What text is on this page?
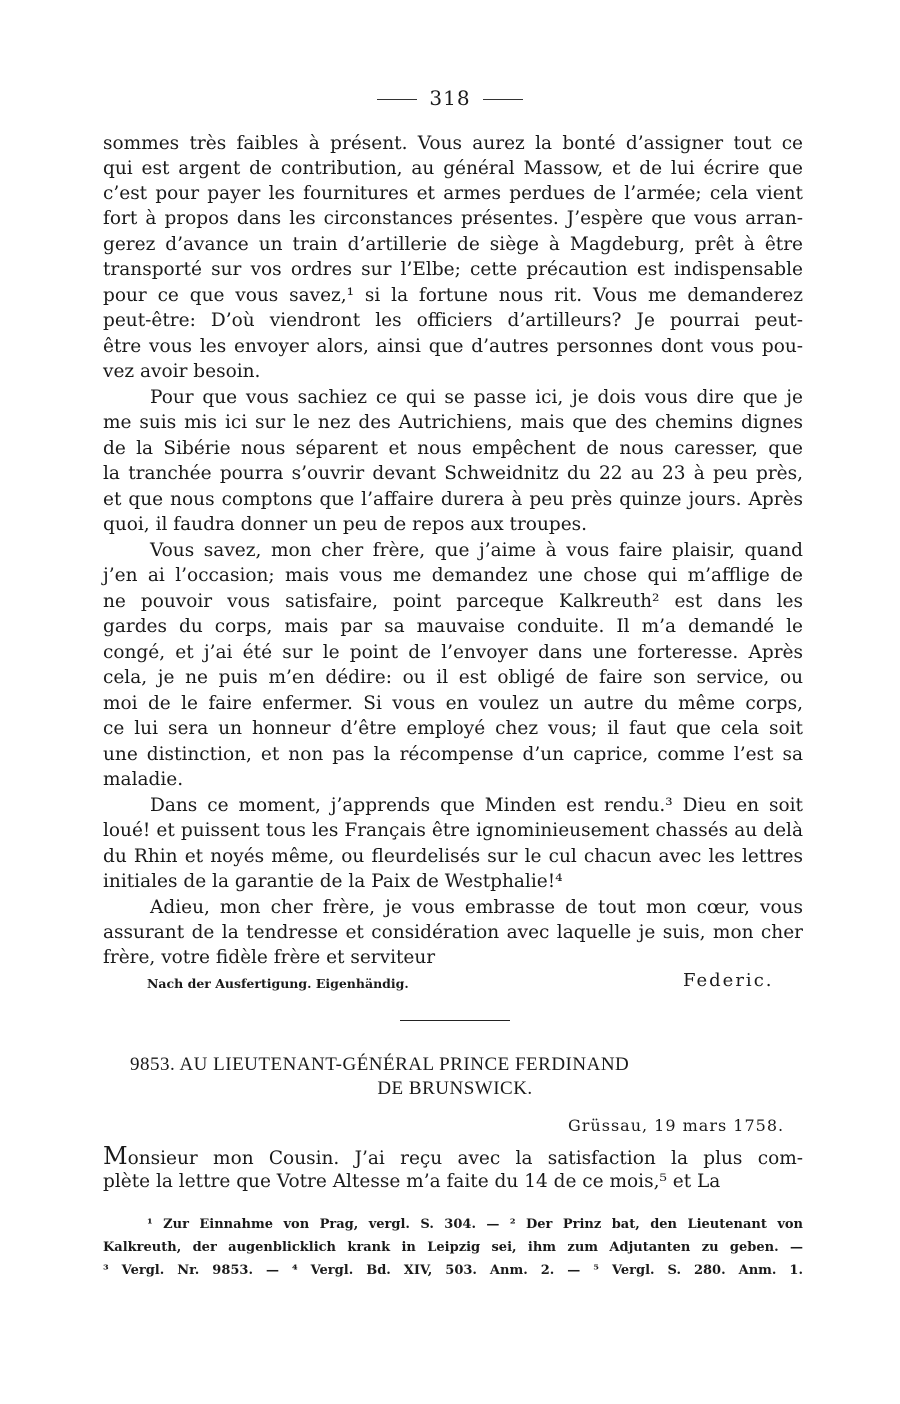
318
sommes très faibles à présent. Vous aurez la bonté d’assigner tout ce
qui est argent de contribution, au général Massow, et de lui écrire que
c’est pour payer les fournitures et armes perdues de l’armée; cela vient
fort à propos dans les circonstances présentes. J’espère que vous arran-
gerez d’avance un train d’artillerie de siège à Magdeburg, prêt à être
transporté sur vos ordres sur l’Elbe; cette précaution est indispensable
pour ce que vous savez,¹ si la fortune nous rit. Vous me demanderez
peut-être: D’où viendront les officiers d’artilleurs? Je pourrai peut-
être vous les envoyer alors, ainsi que d’autres personnes dont vous pou-
vez avoir besoin.
Pour que vous sachiez ce qui se passe ici, je dois vous dire que je
me suis mis ici sur le nez des Autrichiens, mais que des chemins dignes
de la Sibérie nous séparent et nous empêchent de nous caresser, que
la tranchée pourra s’ouvrir devant Schweidnitz du 22 au 23 à peu près,
et que nous comptons que l’affaire durera à peu près quinze jours. Après
quoi, il faudra donner un peu de repos aux troupes.
Vous savez, mon cher frère, que j’aime à vous faire plaisir, quand
j’en ai l’occasion; mais vous me demandez une chose qui m’afflige de
ne pouvoir vous satisfaire, point parceque Kalkreuth² est dans les
gardes du corps, mais par sa mauvaise conduite. Il m’a demandé le
congé, et j’ai été sur le point de l’envoyer dans une forteresse. Après
cela, je ne puis m’en dédire: ou il est obligé de faire son service, ou
moi de le faire enfermer. Si vous en voulez un autre du même corps,
ce lui sera un honneur d’être employé chez vous; il faut que cela soit
une distinction, et non pas la récompense d’un caprice, comme l’est sa
maladie.
Dans ce moment, j’apprends que Minden est rendu.³ Dieu en soit
loué! et puissent tous les Français être ignominieusement chassés au delà
du Rhin et noyés même, ou fleurdelisés sur le cul chacun avec les lettres
initiales de la garantie de la Paix de Westphalie!⁴
Adieu, mon cher frère, je vous embrasse de tout mon cœur, vous
assurant de la tendresse et considération avec laquelle je suis, mon cher
frère, votre fidèle frère et serviteur
Nach der Ausfertigung. Eigenhändig.	Federic.
9853. AU LIEUTENANT-GÉNÉRAL PRINCE FERDINAND
DE BRUNSWICK.
Grüssau, 19 mars 1758.
Monsieur mon Cousin. J’ai reçu avec la satisfaction la plus com-
plète la lettre que Votre Altesse m’a faite du 14 de ce mois,⁵ et La
¹ Zur Einnahme von Prag, vergl. S. 304. — ² Der Prinz bat, den Lieutenant von
Kalkreuth, der augenblicklich krank in Leipzig sei, ihm zum Adjutanten zu geben. —
³ Vergl. Nr. 9853. — ⁴ Vergl. Bd. XIV, 503. Anm. 2. — ⁵ Vergl. S. 280. Anm. 1.
